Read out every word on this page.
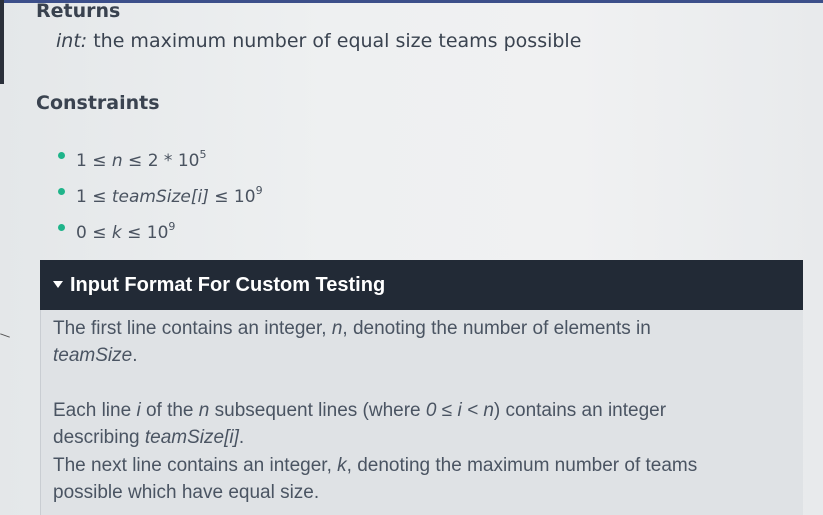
Returns
int: the maximum number of equal size teams possible
Constraints
$1 \le n \le 2 * 10^5$
1 ≤ teamSize[i] ≤ $10^9$
$0 \le k \le 10^9$
Input Format For Custom Testing
The first line contains an integer, n, denoting the number of elements in
teamSize.
Each line i of the n subsequent lines (where 0 ≤ i < n) contains an integer
describing teamSize[i].
The next line contains an integer, k, denoting the maximum number of teams
possible which have equal size.
